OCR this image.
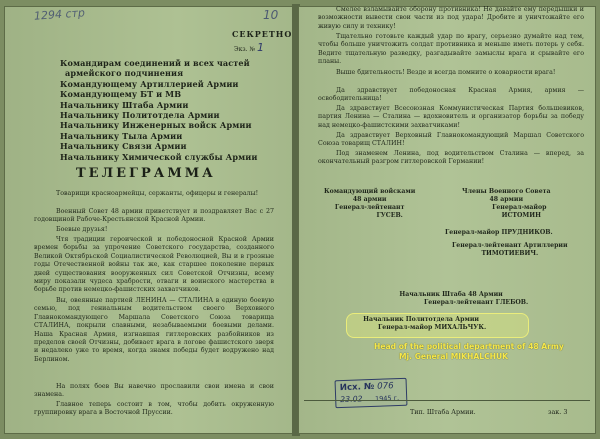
1294 стр	10
СЕКРЕТНО
Экз. № 1
Командирам соединений и всех частей
армейского подчинения
Командующему Артиллерией Армии
Командующему БТ и МВ
Начальнику Штаба Армии
Начальнику Политотдела Армии
Начальнику Инженерных войск Армии
Начальнику Тыла Армии
Начальнику Связи Армии
Начальнику Химической службы Армии
ТЕЛЕГРАММА
Товарищи красноармейцы, сержанты, офицеры и генералы!
Военный Совет 48 армии приветствует и поздравляет Вас с 27 годовщиной Рабоче-Крестьянской Красной Армии.
Боевые друзья!
Чтя традиции героической и победоносной Красной Армии времен борьбы за упрочение Советского государства, созданного Великой Октябрьской Социалистической Революцией, Вы и в грозные годы Отечественной войны так же, как старшее поколение первых дней существования вооруженных сил Советской Отчизны, всему миру показали чудеса храбрости, отваги и воинского мастерства в борьбе против немецко-фашистских захватчиков.
Вы, овеянные партией ЛЕНИНА — СТАЛИНА в единую боевую семью, под гениальным водительством своего Верховного Главнокомандующего Маршала Советского Союза товарища СТАЛИНА, покрыли славными, незабываемыми боевыми делами. Наша Красная Армия, изгнавшая гитлеровских разбойников из пределов своей Отчизны, добивает врага в логове фашистского зверя и недалеко уже то время, когда знамя победы будет водружено над Берлином.
На полях боев Вы навечно прославили свои имена и свои знамена.
Главное теперь состоит в том, чтобы добить окруженную группировку врага в Восточной Пруссии.
Смелее взламывайте оборону противника! Не давайте ему передышки и возможности вывести свои части из под удара! Дробите и уничтожайте его живую силу и технику!
Тщательно готовьте каждый удар по врагу, серьезно думайте над тем, чтобы больше уничтожить солдат противника и меньше иметь потерь у себя. Ведите тщательную разведку, разгадывайте замыслы врага и срывайте его планы.
Выше бдительность! Везде и всегда помните о коварности врага!
Да здравствует победоносная Красная Армия, армия — освободительница!
Да здравствует Всесоюзная Коммунистическая Партия большевиков, партия Ленина — Сталина — вдохновитель и организатор борьбы за победу над немецко-фашистскими захватчиками!
Да здравствует Верховный Главнокомандующий Маршал Советского Союза товарищ СТАЛИН!
Под знаменем Ленина, под водительством Сталина — вперед, за окончательный разгром гитлеровской Германии!
Командующий войсками
48 армии
Генерал-лейтенант
ГУСЕВ.
Члены Военного Совета
48 армии
Генерал-майор
ИСТОМИН
Генерал-майор ПРУДНИКОВ.
Генерал-лейтенант Артиллерии
ТИМОТИЕВИЧ.
Начальник Штаба 48 Армии
Генерал-лейтенант ГЛЕБОВ.
Начальник Политотдела Армии
Генерал-майор МИХАЛЬЧУК.
Head of the political department of 48 Army
Mj. General MIKHALCHUK
Исх. № 076
23.02 1945 г.
Тип. Штаба Армии.	зак. 3
